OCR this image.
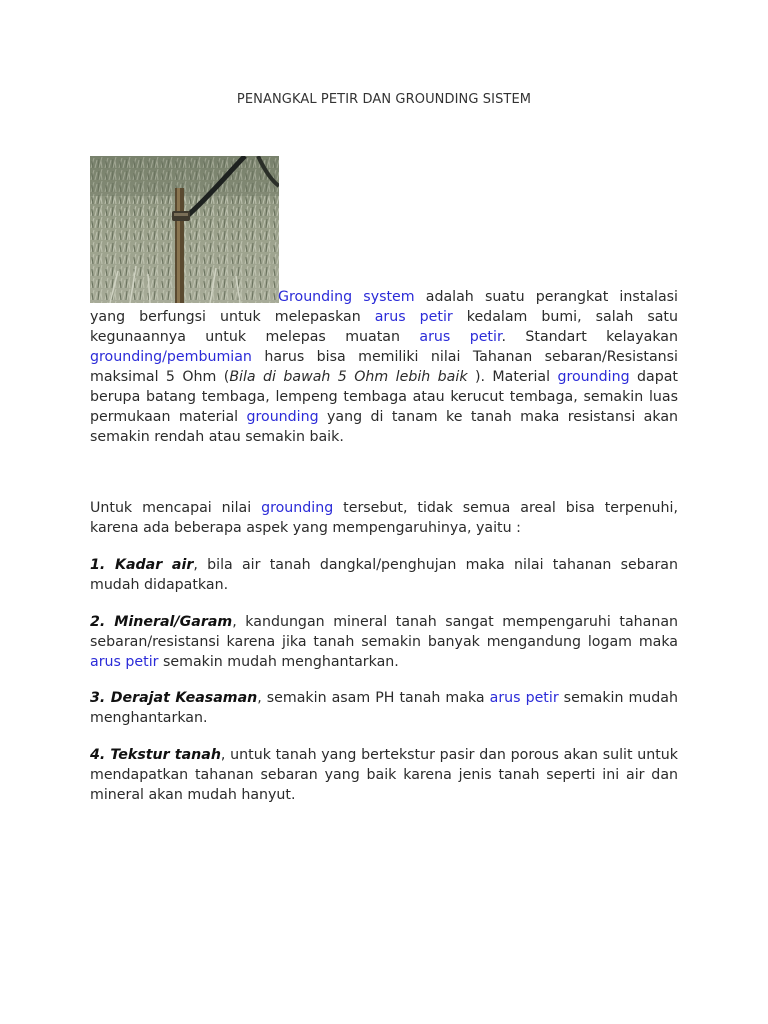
PENANGKAL PETIR DAN GROUNDING SISTEM
Grounding system adalah suatu perangkat instalasi yang berfungsi untuk melepaskan arus petir kedalam bumi, salah satu kegunaannya untuk melepas muatan arus petir. Standart kelayakan grounding/pembumian harus bisa memiliki nilai Tahanan sebaran/Resistansi maksimal 5 Ohm (Bila di bawah 5 Ohm lebih baik ). Material grounding dapat berupa batang tembaga, lempeng tembaga atau kerucut tembaga, semakin luas permukaan material grounding yang di tanam ke tanah maka resistansi akan semakin rendah atau semakin baik.
Untuk mencapai nilai grounding tersebut, tidak semua areal bisa terpenuhi, karena ada beberapa aspek yang mempengaruhinya, yaitu :
1. Kadar air, bila air tanah dangkal/penghujan maka nilai tahanan sebaran mudah didapatkan.
2. Mineral/Garam, kandungan mineral tanah sangat mempengaruhi tahanan sebaran/resistansi karena jika tanah semakin banyak mengandung logam maka arus petir semakin mudah menghantarkan.
3. Derajat Keasaman, semakin asam PH tanah maka arus petir semakin mudah menghantarkan.
4. Tekstur tanah, untuk tanah yang bertekstur pasir dan porous akan sulit untuk mendapatkan tahanan sebaran yang baik karena jenis tanah seperti ini air dan mineral akan mudah hanyut.
